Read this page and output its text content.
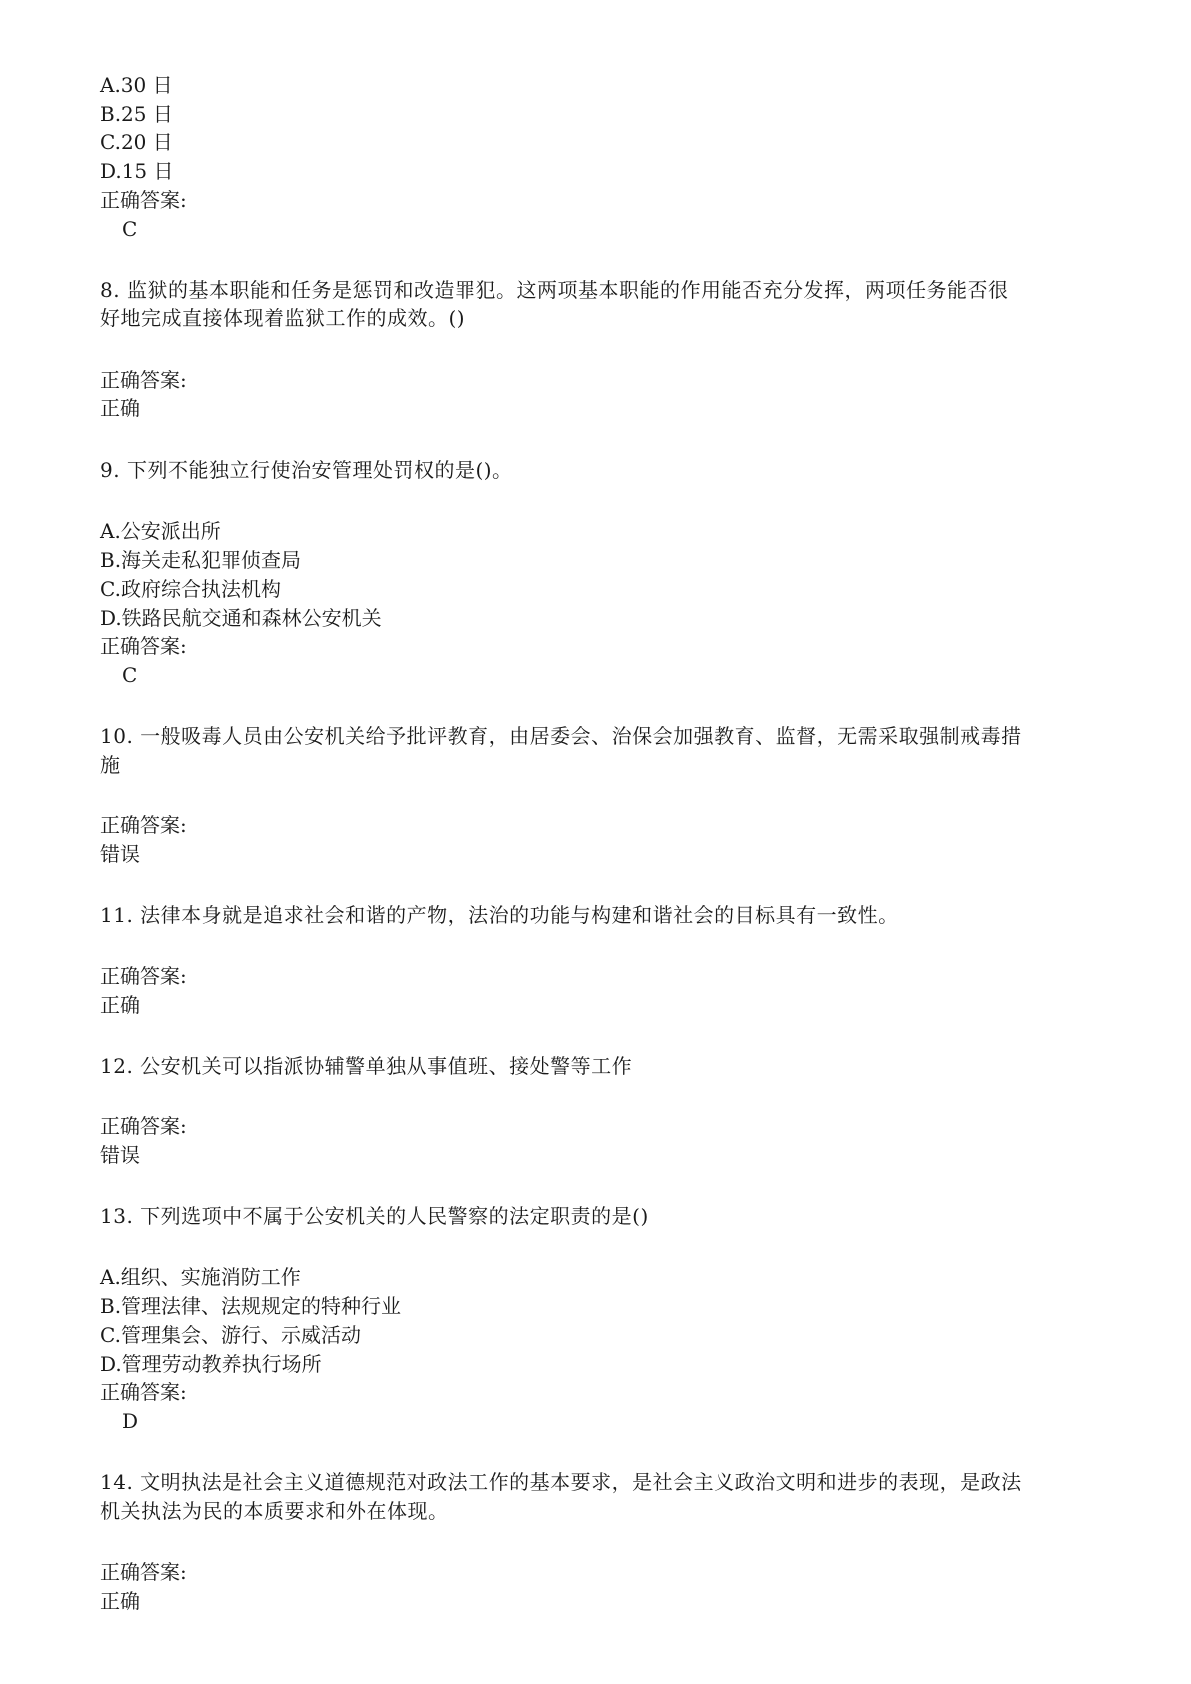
A.30 日
B.25 日
C.20 日
D.15 日
正确答案:
C
8. 监狱的基本职能和任务是惩罚和改造罪犯。这两项基本职能的作用能否充分发挥，两项任务能否很
好地完成直接体现着监狱工作的成效。()
正确答案:
正确
9. 下列不能独立行使治安管理处罚权的是()。
A.公安派出所
B.海关走私犯罪侦查局
C.政府综合执法机构
D.铁路民航交通和森林公安机关
正确答案:
C
10. 一般吸毒人员由公安机关给予批评教育，由居委会、治保会加强教育、监督，无需采取强制戒毒措
施
正确答案:
错误
11. 法律本身就是追求社会和谐的产物，法治的功能与构建和谐社会的目标具有一致性。
正确答案:
正确
12. 公安机关可以指派协辅警单独从事值班、接处警等工作
正确答案:
错误
13. 下列选项中不属于公安机关的人民警察的法定职责的是()
A.组织、实施消防工作
B.管理法律、法规规定的特种行业
C.管理集会、游行、示威活动
D.管理劳动教养执行场所
正确答案:
D
14. 文明执法是社会主义道德规范对政法工作的基本要求，是社会主义政治文明和进步的表现，是政法
机关执法为民的本质要求和外在体现。
正确答案:
正确
